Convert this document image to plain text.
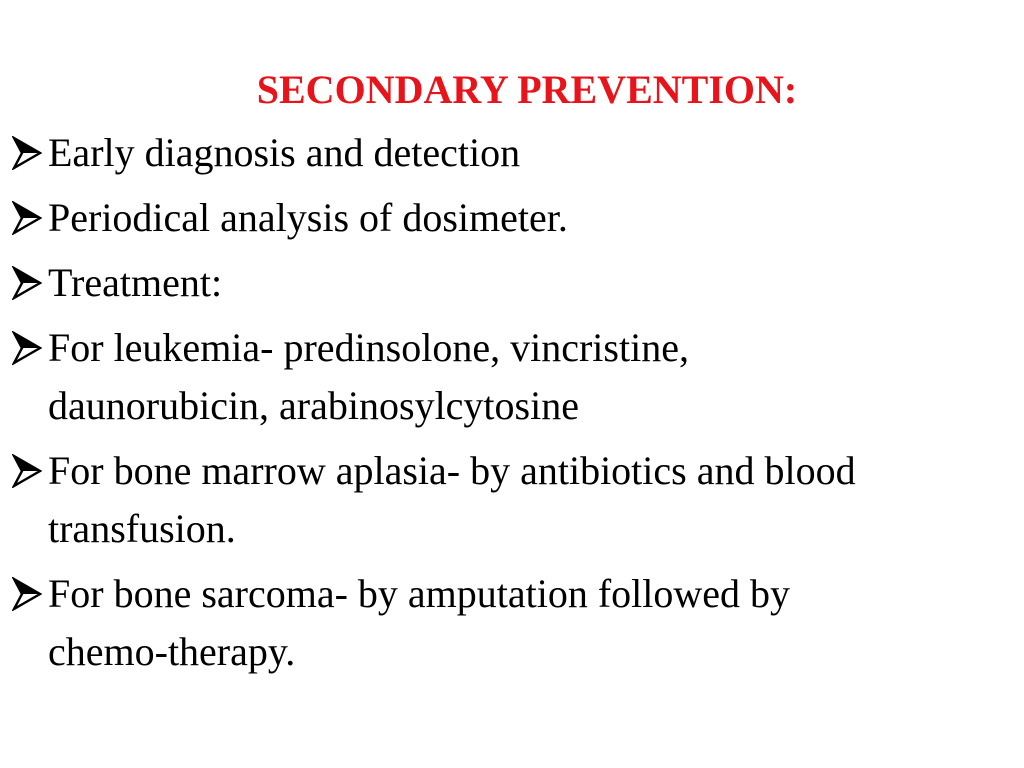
SECONDARY PREVENTION:
Early diagnosis and detection
Periodical analysis of dosimeter.
Treatment:
For leukemia- predinsolone, vincristine,
daunorubicin, arabinosylcytosine
For bone marrow aplasia- by antibiotics and blood
transfusion.
For bone sarcoma- by amputation followed by
chemo-therapy.
